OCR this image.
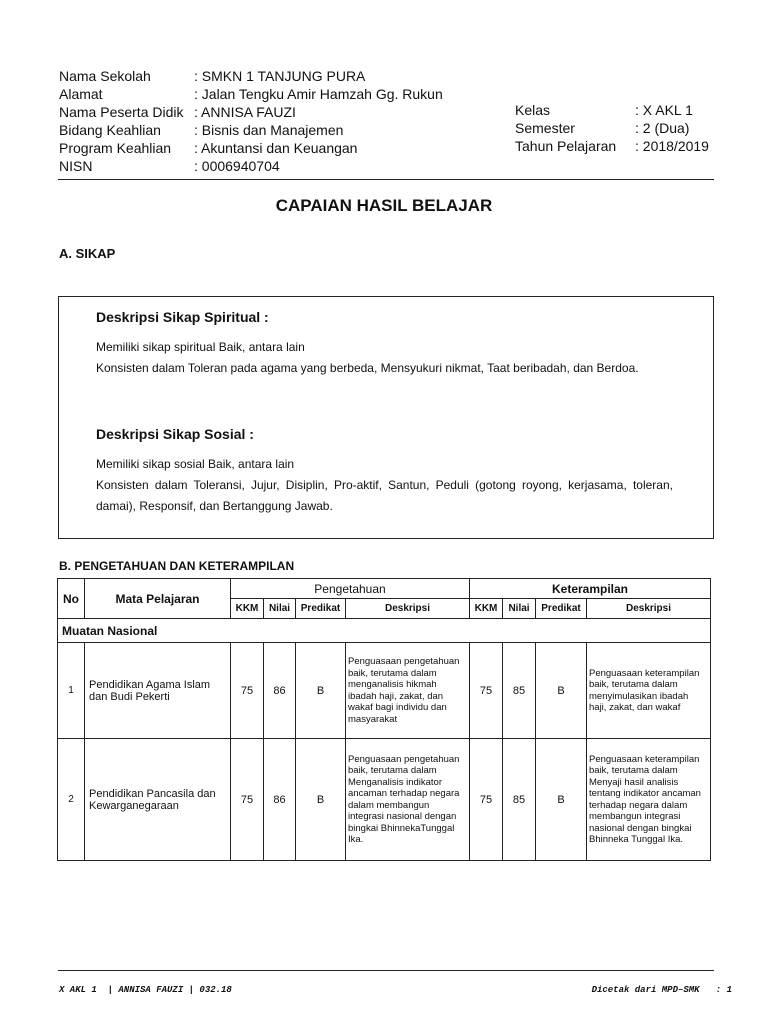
Nama Sekolah	: SMKN 1 TANJUNG PURA
Alamat	: Jalan Tengku Amir Hamzah Gg. Rukun
Nama Peserta Didik : ANNISA FAUZI
Bidang Keahlian : Bisnis dan Manajemen
Program Keahlian : Akuntansi dan Keuangan
NISN	: 0006940704
Kelas	: X AKL 1
Semester	: 2 (Dua)
Tahun Pelajaran : 2018/2019
CAPAIAN HASIL BELAJAR
A. SIKAP
Deskripsi Sikap Spiritual :
Memiliki sikap spiritual Baik, antara lain
Konsisten dalam Toleran pada agama yang berbeda, Mensyukuri nikmat, Taat beribadah, dan Berdoa.
Deskripsi Sikap Sosial :
Memiliki sikap sosial Baik, antara lain
Konsisten dalam Toleransi, Jujur, Disiplin, Pro-aktif, Santun, Peduli (gotong royong, kerjasama, toleran, damai), Responsif, dan Bertanggung Jawab.
B. PENGETAHUAN DAN KETERAMPILAN
No	Mata Pelajaran	Pengetahuan				Keterampilan			
		KKM	Nilai	Predikat	Deskripsi	KKM	Nilai	Predikat	Deskripsi
Muatan Nasional									
1	Pendidikan Agama Islam dan Budi Pekerti	75	86	B	Penguasaan pengetahuan baik, terutama dalam menganalisis hikmah ibadah haji, zakat, dan wakaf bagi individu dan masyarakat	75	85	B	Penguasaan keterampilan baik, terutama dalam menyimulasikan ibadah haji, zakat, dan wakaf
2	Pendidikan Pancasila dan Kewarganegaraan	75	86	B	Penguasaan pengetahuan baik, terutama dalam Menganalisis indikator ancaman terhadap negara dalam membangun integrasi nasional dengan bingkai BhinnekaTunggal Ika.	75	85	B	Penguasaan keterampilan baik, terutama dalam Menyaji hasil analisis tentang indikator ancaman terhadap negara dalam membangun integrasi nasional dengan bingkai Bhinneka Tunggal Ika.
X AKL 1  | ANNISA FAUZI | 032.18	Dicetak dari MPD–SMK   : 1
